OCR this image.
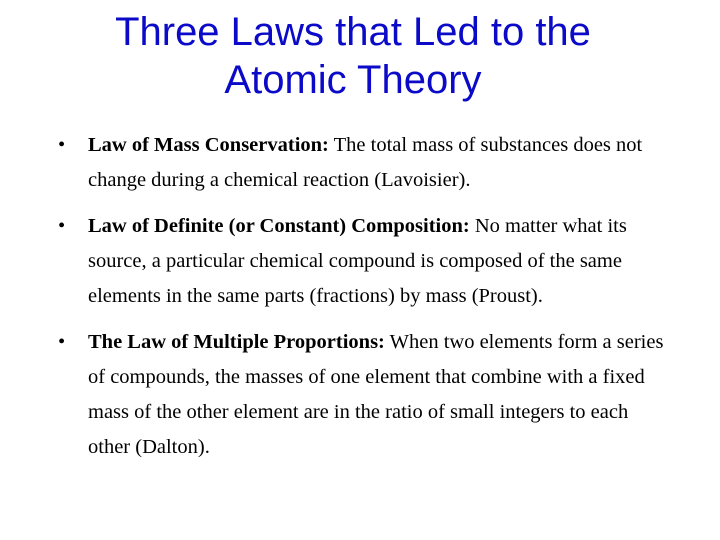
Three Laws that Led to the
Atomic Theory
•	Law of Mass Conservation: The total mass of substances does not change during a chemical reaction (Lavoisier).
•	Law of Definite (or Constant) Composition: No matter what its source, a particular chemical compound is composed of the same elements in the same parts (fractions) by mass (Proust).
•	The Law of Multiple Proportions: When two elements form a series of compounds, the masses of one element that combine with a fixed mass of the other element are in the ratio of small integers to each other (Dalton).
